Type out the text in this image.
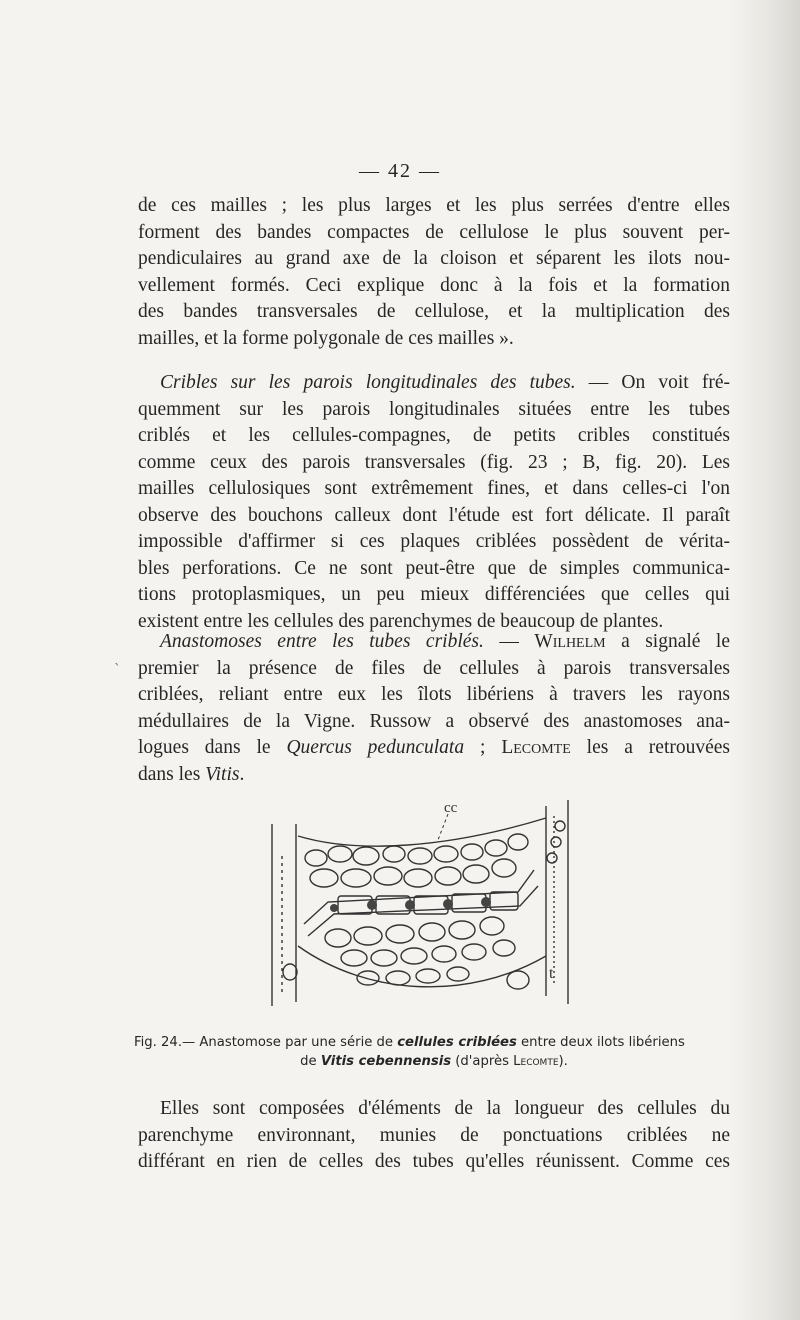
— 42 —

de ces mailles ; les plus larges et les plus serrées d'entre elles
forment des bandes compactes de cellulose le plus souvent per-
pendiculaires au grand axe de la cloison et séparent les ilots nou-
vellement formés. Ceci explique donc à la fois et la formation
des bandes transversales de cellulose, et la multiplication des
mailles, et la forme polygonale de ces mailles ».

Cribles sur les parois longitudinales des tubes. — On voit fré-
quemment sur les parois longitudinales situées entre les tubes
criblés et les cellules-compagnes, de petits cribles constitués
comme ceux des parois transversales (fig. 23 ; B, fig. 20). Les
mailles cellulosiques sont extrêmement fines, et dans celles-ci l'on
observe des bouchons calleux dont l'étude est fort délicate. Il paraît
impossible d'affirmer si ces plaques criblées possèdent de vérita-
bles perforations. Ce ne sont peut-être que de simples communica-
tions protoplasmiques, un peu mieux différenciées que celles qui
existent entre les cellules des parenchymes de beaucoup de plantes.

`

Anastomoses entre les tubes criblés. — Wilhelm a signalé le
premier la présence de files de cellules à parois transversales
criblées, reliant entre eux les îlots libériens à travers les rayons
médullaires de la Vigne. Russow a observé des anastomoses ana-
logues dans le Quercus pedunculata ; Lecomte les a retrouvées
dans les Vitis.

cc
t
Fig. 24.— Anastomose par une série de cellules criblées entre deux ilots libériens
de Vitis cebennensis (d'après Lecomte).

Elles sont composées d'éléments de la longueur des cellules du
parenchyme environnant, munies de ponctuations criblées ne
différant en rien de celles des tubes qu'elles réunissent. Comme ces
